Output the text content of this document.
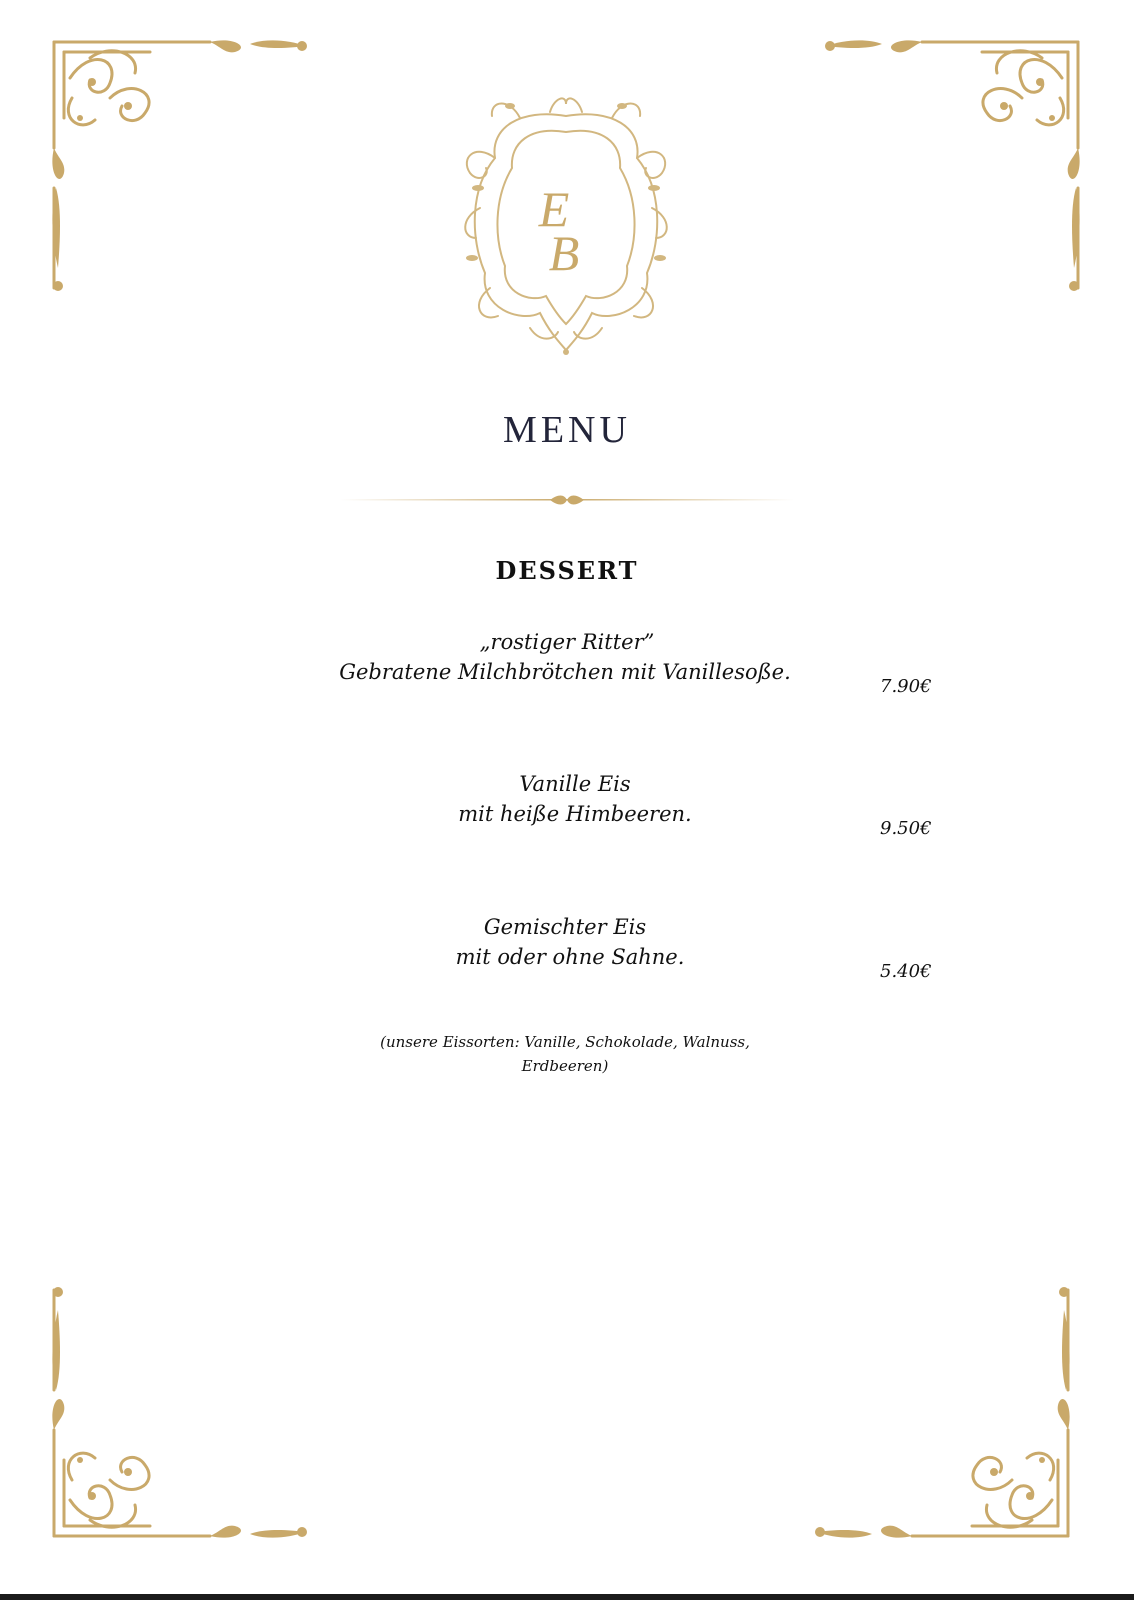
E
B
MENU
DESSERT
„rostiger Ritter”
Gebratene Milchbrötchen mit Vanillesoße.
7.90€
Vanille Eis
mit heiße Himbeeren.
9.50€
Gemischter Eis
mit oder ohne Sahne.
5.40€
(unsere Eissorten: Vanille, Schokolade, Walnuss,
Erdbeeren)
